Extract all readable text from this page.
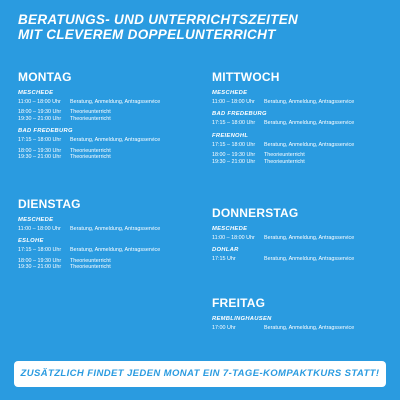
BERATUNGS- UND UNTERRICHTSZEITEN
MIT CLEVEREM DOPPELUNTERRICHT
MONTAG
MESCHEDE
11:00 – 18:00 Uhr	Beratung, Anmeldung, Antragsservice
18:00 – 19:30 Uhr	Theorieunterricht
19:30 – 21:00 Uhr	Theorieunterricht
BAD FREDEBURG
17:15 – 18:00 Uhr	Beratung, Anmeldung, Antragsservice
18:00 – 19:30 Uhr	Theorieunterricht
19:30 – 21:00 Uhr	Theorieunterricht
DIENSTAG
MESCHEDE
11:00 – 18:00 Uhr	Beratung, Anmeldung, Antragsservice
ESLOHE
17:15 – 18:00 Uhr	Beratung, Anmeldung, Antragsservice
18:00 – 19:30 Uhr	Theorieunterricht
19:30 – 21:00 Uhr	Theorieunterricht
MITTWOCH
MESCHEDE
11:00 – 18:00 Uhr	Beratung, Anmeldung, Antragsservice
BAD FREDEBURG
17:15 – 18:00 Uhr	Beratung, Anmeldung, Antragsservice
FREIENOHL
17:15 – 18:00 Uhr	Beratung, Anmeldung, Antragsservice
18:00 – 19:30 Uhr	Theorieunterricht
19:30 – 21:00 Uhr	Theorieunterricht
DONNERSTAG
MESCHEDE
11:00 – 18:00 Uhr	Beratung, Anmeldung, Antragsservice
DOHLAR
17:15 Uhr	Beratung, Anmeldung, Antragsservice
FREITAG
REMBLINGHAUSEN
17:00 Uhr	Beratung, Anmeldung, Antragsservice
ZUSÄTZLICH FINDET JEDEN MONAT EIN 7-TAGE-KOMPAKTKURS STATT!
